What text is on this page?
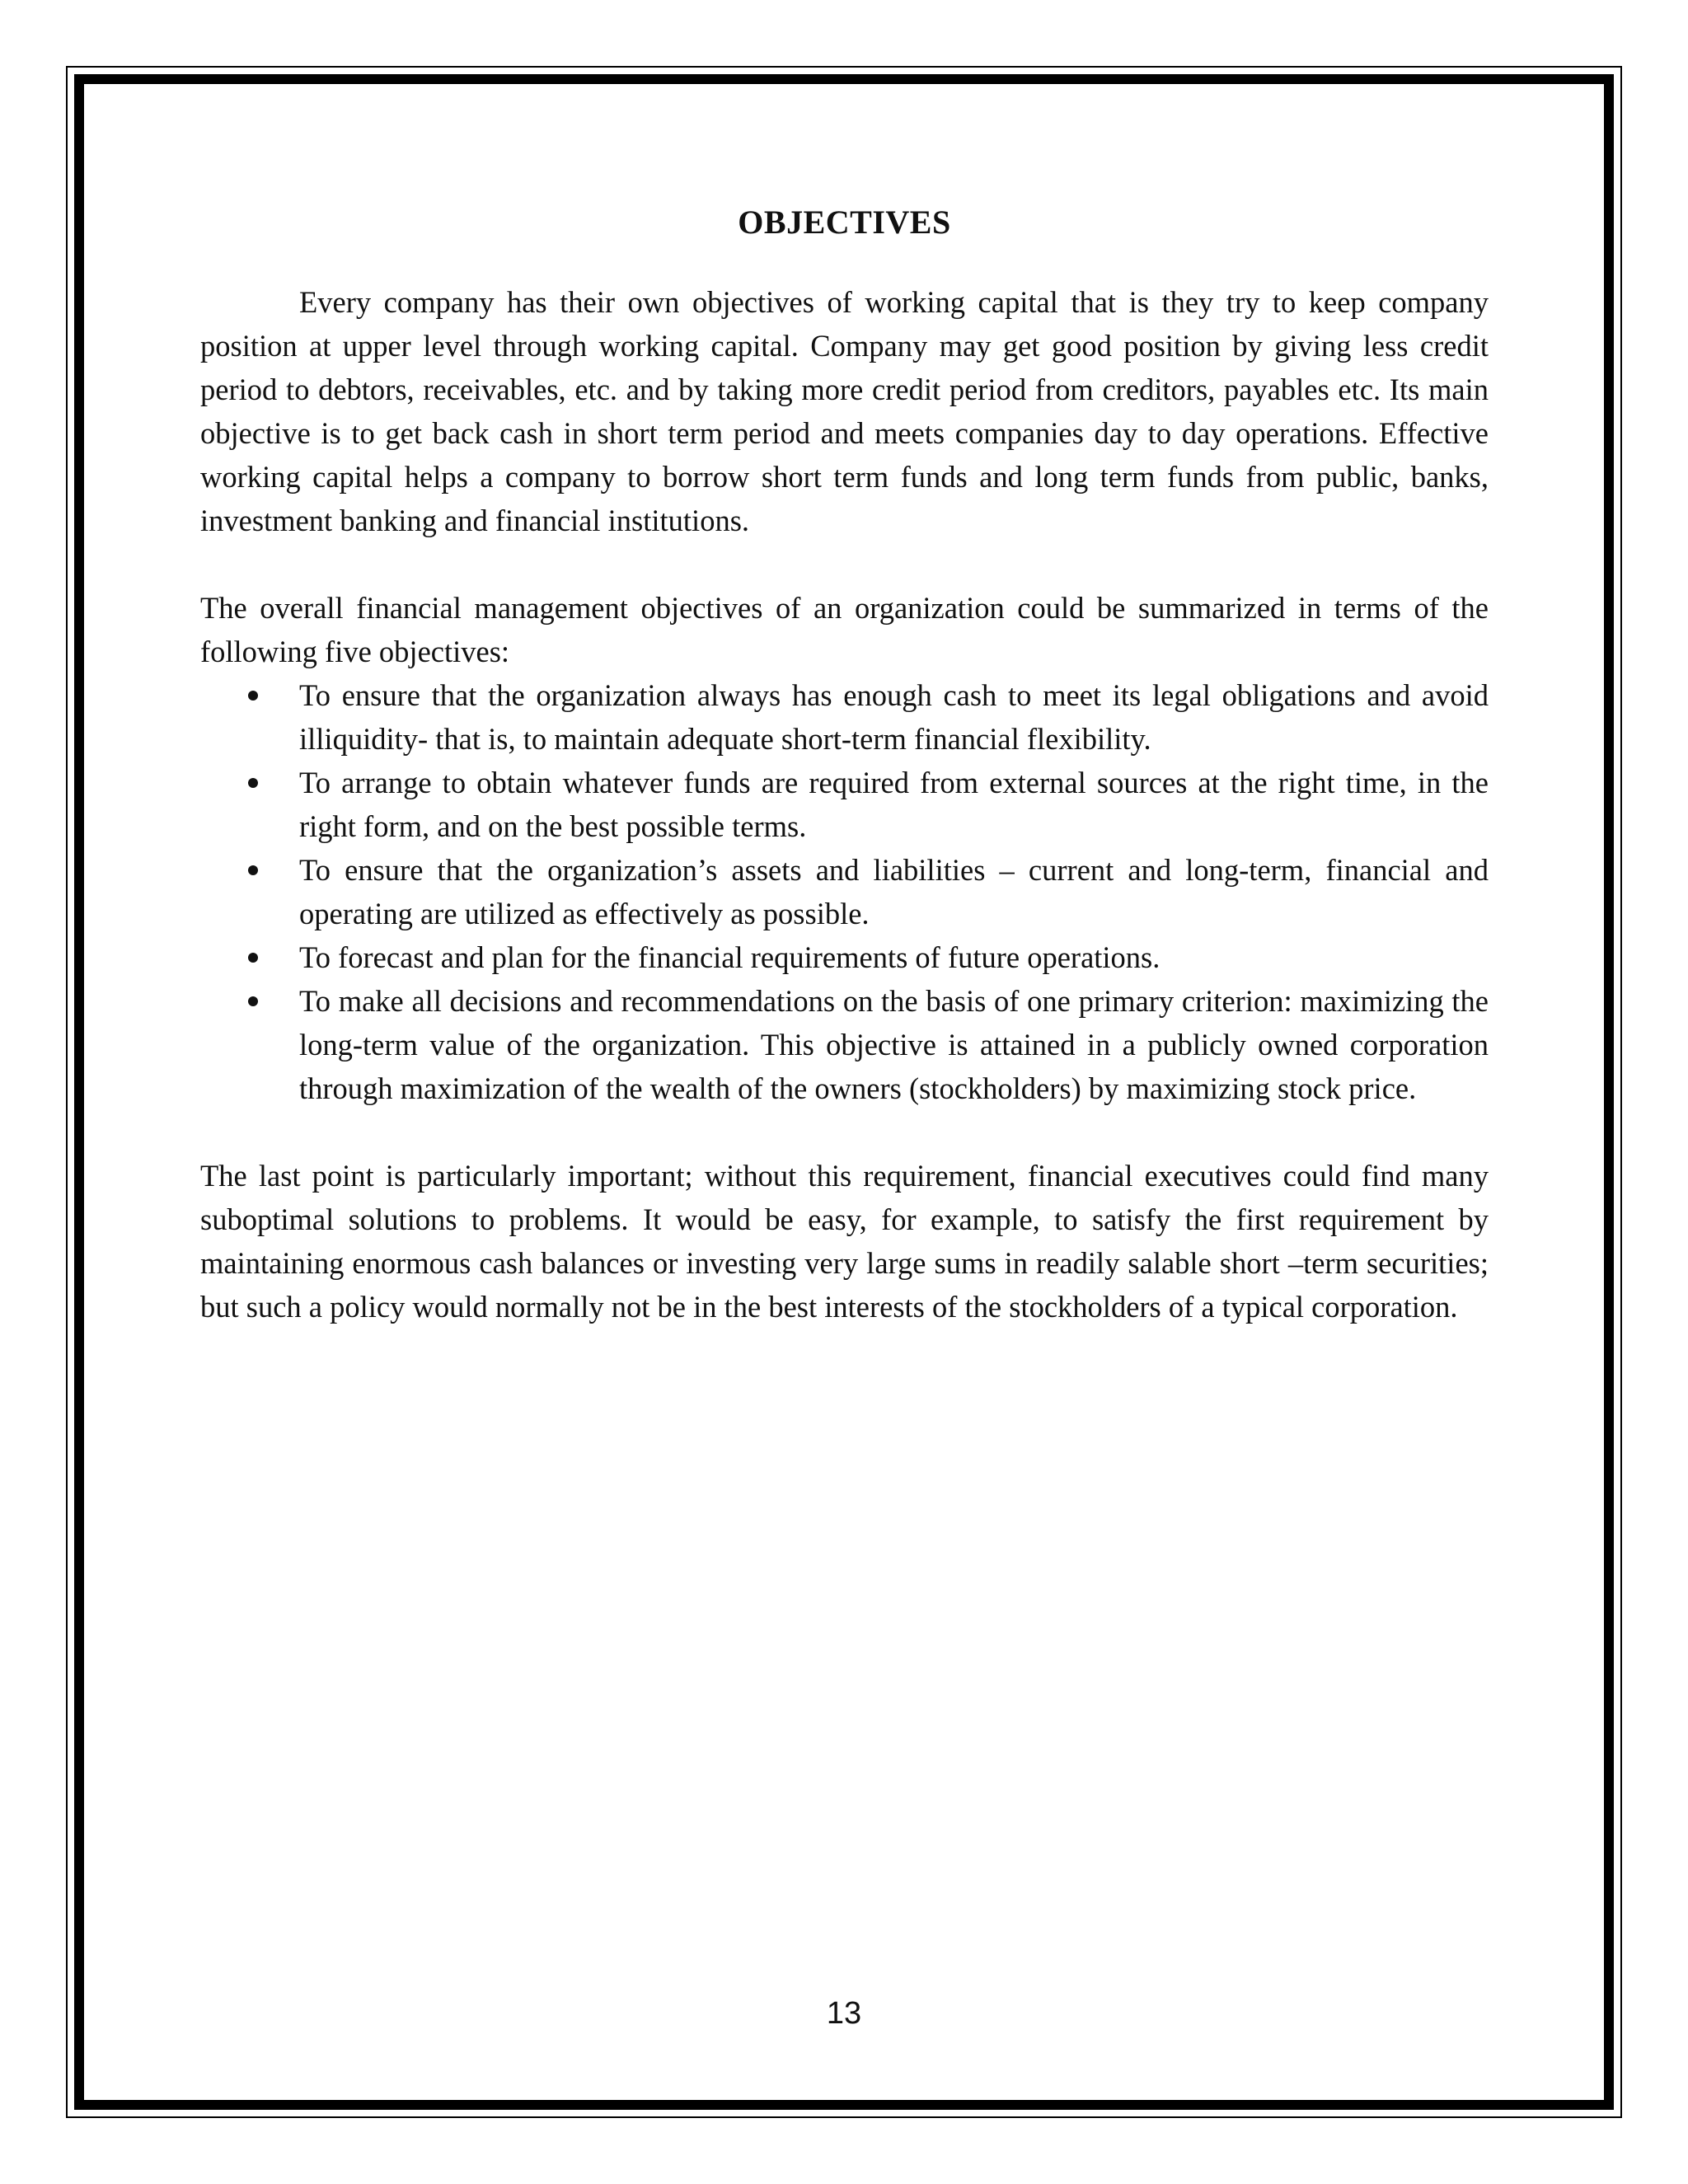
OBJECTIVES

Every company has their own objectives of working capital that is they try to keep company position at upper level through working capital. Company may get good position by giving less credit period to debtors, receivables, etc. and by taking more credit period from creditors, payables etc. Its main objective is to get back cash in short term period and meets companies day to day operations. Effective working capital helps a company to borrow short term funds and long term funds from public, banks, investment banking and financial institutions.

The overall financial management objectives of an organization could be summarized in terms of the following five objectives:

To ensure that the organization always has enough cash to meet its legal obligations and avoid illiquidity- that is, to maintain adequate short-term financial flexibility.
To arrange to obtain whatever funds are required from external sources at the right time, in the right form, and on the best possible terms.
To ensure that the organization’s assets and liabilities – current and long-term, financial and operating are utilized as effectively as possible.
To forecast and plan for the financial requirements of future operations.
To make all decisions and recommendations on the basis of one primary criterion: maximizing the long-term value of the organization. This objective is attained in a publicly owned corporation through maximization of the wealth of the owners (stockholders) by maximizing stock price.

The last point is particularly important; without this requirement, financial executives could find many suboptimal solutions to problems. It would be easy, for example, to satisfy the first requirement by maintaining enormous cash balances or investing very large sums in readily salable short –term securities; but such a policy would normally not be in the best interests of the stockholders of a typical corporation.

13
